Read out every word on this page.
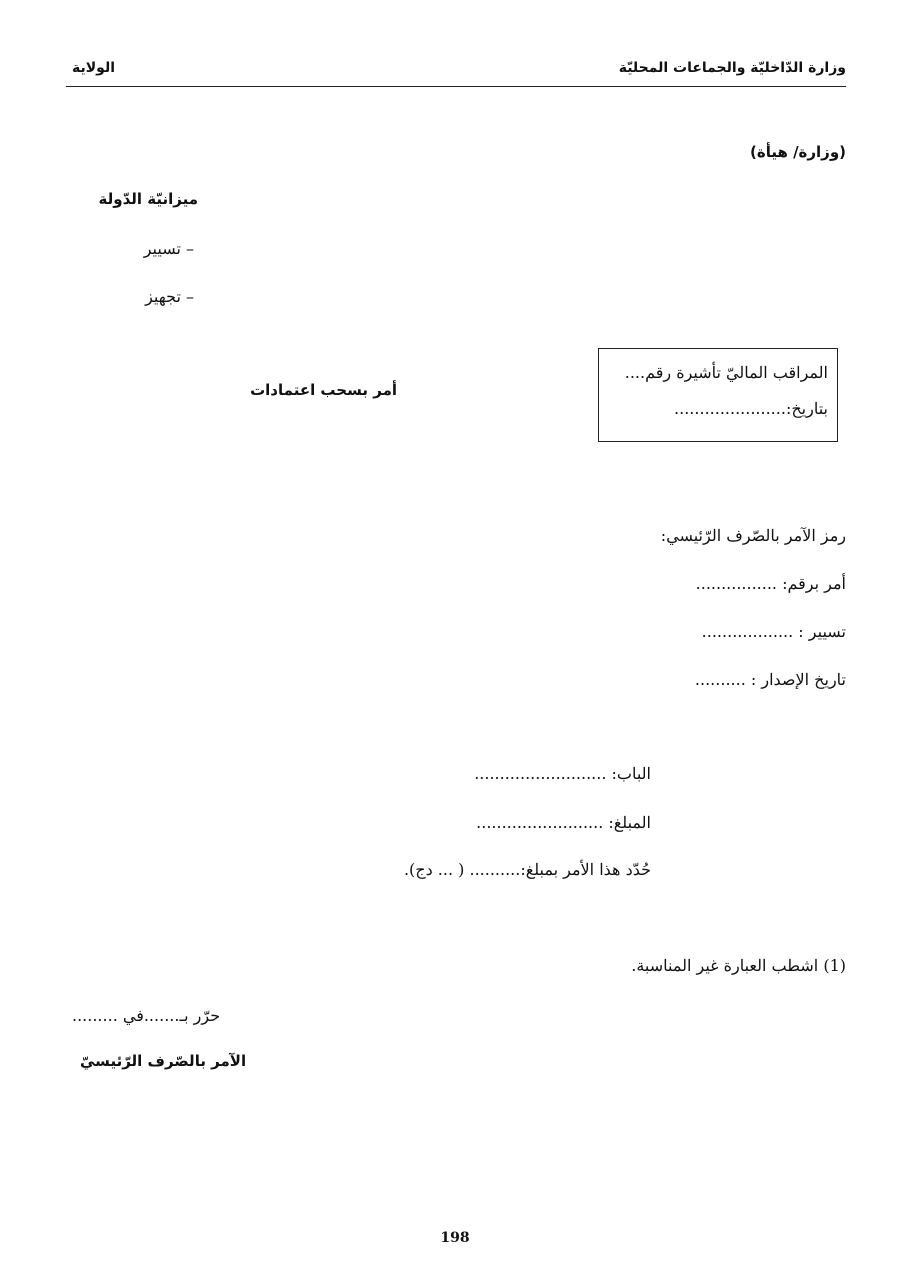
وزارة الدّاخليّة والجماعات المحليّة
الولاية
(وزارة/ هيأة)
ميزانيّة الدّولة
– تسيير
– تجهيز
أمر بسحب اعتمادات
المراقب الماليّ تأشيرة رقم....
بتاريخ:......................
رمز الآمر بالصّرف الرّئيسي:
أمر برقم: ................
تسيير : ..................
تاريخ الإصدار : ..........
الباب: ..........................
المبلغ: .........................
حُدّد هذا الأمر بمبلغ:.......... ( ... دج).
(1) اشطب العبارة غير المناسبة.
حرّر بـ.......في .........
الآمر بالصّرف الرّئيسيّ
198
